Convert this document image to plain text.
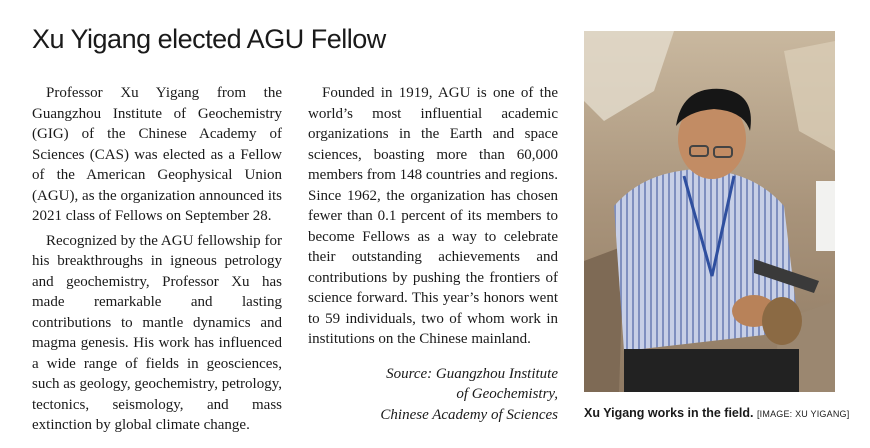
Xu Yigang elected AGU Fellow

Professor Xu Yigang from the Guangzhou Institute of Geochemistry (GIG) of the Chinese Academy of Sciences (CAS) was elected as a Fellow of the American Geophysical Union (AGU), as the organization announced its 2021 class of Fellows on September 28.

Recognized by the AGU fellowship for his breakthroughs in igneous petrology and geochemistry, Professor Xu has made remarkable and lasting contributions to mantle dynamics and magma genesis. His work has influenced a wide range of fields in geosciences, such as geology, geochemistry, petrology, tectonics, seismology, and mass extinction by global climate change.

Founded in 1919, AGU is one of the world’s most influential academic organizations in the Earth and space sciences, boasting more than 60,000 members from 148 countries and regions. Since 1962, the organization has chosen fewer than 0.1 percent of its members to become Fellows as a way to celebrate their outstanding achievements and contributions by pushing the frontiers of science forward. This year’s honors went to 59 individuals, two of whom work in institutions on the Chinese mainland.

Source: Guangzhou Institute
of Geochemistry,
Chinese Academy of Sciences Xu Yigang works in the field. [IMAGE: XU YIGANG]
